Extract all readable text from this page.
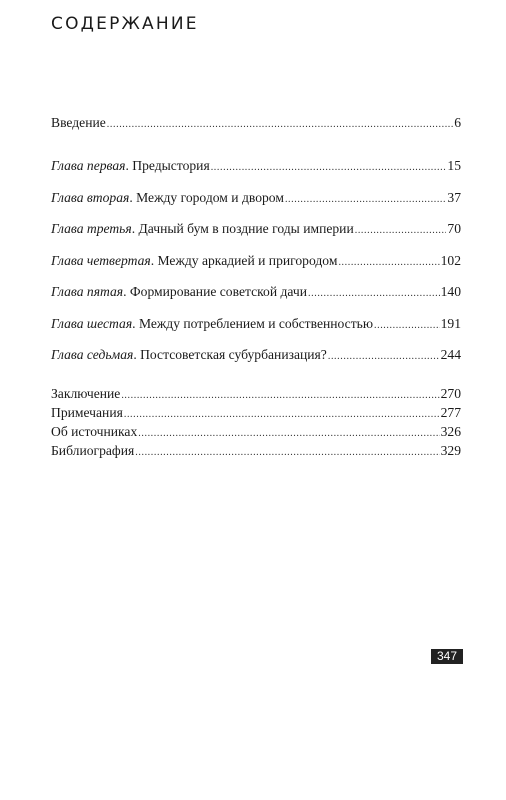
СОДЕРЖАНИЕ
Введение .....	6
Глава первая. Предыстория .....	15
Глава вторая. Между городом и двором .....	37
Глава третья. Дачный бум в поздние годы империи .....	70
Глава четвертая. Между аркадией и пригородом .....	102
Глава пятая. Формирование советской дачи .....	140
Глава шестая. Между потреблением и собственностью .....	191
Глава седьмая. Постсоветская субурбанизация? .....	244
Заключение .....	270
Примечания .....	277
Об источниках .....	326
Библиография .....	329
347
